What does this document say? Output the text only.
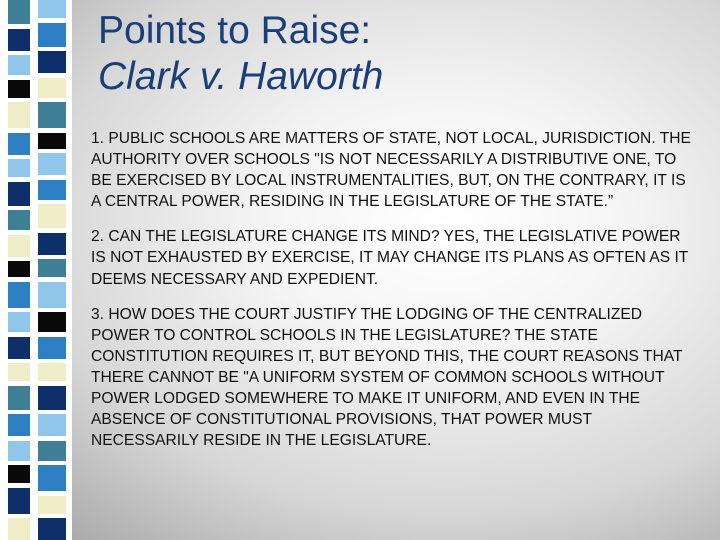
Points to Raise:
Clark v. Haworth

1. PUBLIC SCHOOLS ARE MATTERS OF STATE, NOT LOCAL, JURISDICTION. THE AUTHORITY OVER SCHOOLS "IS NOT NECESSARILY A DISTRIBUTIVE ONE, TO BE EXERCISED BY LOCAL INSTRUMENTALITIES, BUT, ON THE CONTRARY, IT IS A CENTRAL POWER, RESIDING IN THE LEGISLATURE OF THE STATE.”

2. CAN THE LEGISLATURE CHANGE ITS MIND? YES, THE LEGISLATIVE POWER IS NOT EXHAUSTED BY EXERCISE, IT MAY CHANGE ITS PLANS AS OFTEN AS IT DEEMS NECESSARY AND EXPEDIENT.

3. HOW DOES THE COURT JUSTIFY THE LODGING OF THE CENTRALIZED POWER TO CONTROL SCHOOLS IN THE LEGISLATURE? THE STATE CONSTITUTION REQUIRES IT, BUT BEYOND THIS, THE COURT REASONS THAT THERE CANNOT BE "A UNIFORM SYSTEM OF COMMON SCHOOLS WITHOUT POWER LODGED SOMEWHERE TO MAKE IT UNIFORM, AND EVEN IN THE ABSENCE OF CONSTITUTIONAL PROVISIONS, THAT POWER MUST NECESSARILY RESIDE IN THE LEGISLATURE.
